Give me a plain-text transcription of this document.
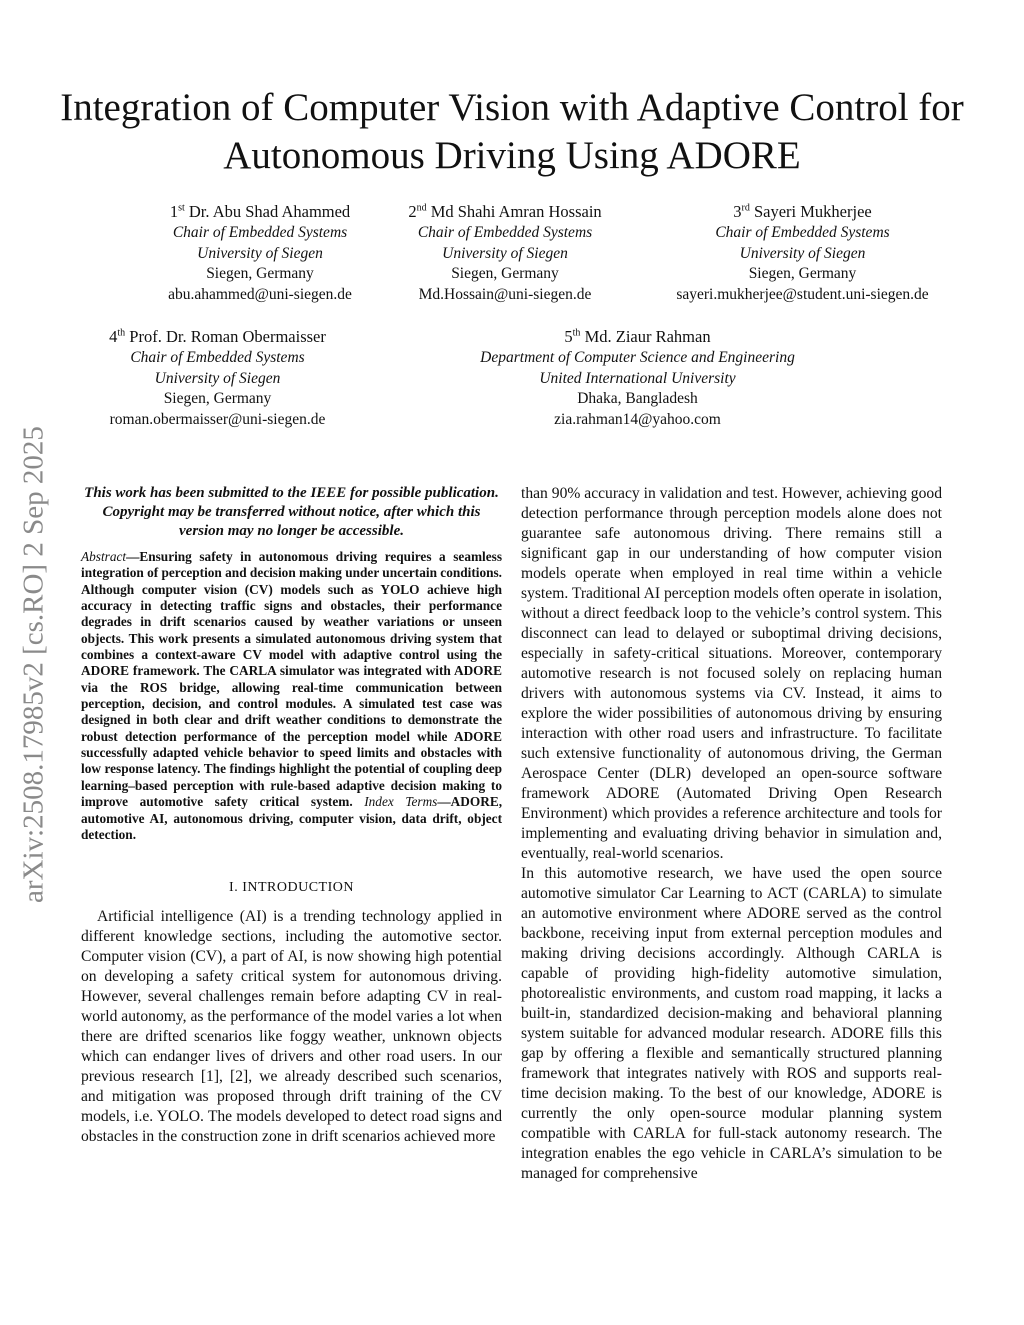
arXiv:2508.17985v2 [cs.RO] 2 Sep 2025
Integration of Computer Vision with Adaptive Control for Autonomous Driving Using ADORE
1st Dr. Abu Shad Ahammed
Chair of Embedded Systems
University of Siegen
Siegen, Germany
abu.ahammed@uni-siegen.de
2nd Md Shahi Amran Hossain
Chair of Embedded Systems
University of Siegen
Siegen, Germany
Md.Hossain@uni-siegen.de
3rd Sayeri Mukherjee
Chair of Embedded Systems
University of Siegen
Siegen, Germany
sayeri.mukherjee@student.uni-siegen.de
4th Prof. Dr. Roman Obermaisser
Chair of Embedded Systems
University of Siegen
Siegen, Germany
roman.obermaisser@uni-siegen.de
5th Md. Ziaur Rahman
Department of Computer Science and Engineering
United International University
Dhaka, Bangladesh
zia.rahman14@yahoo.com

This work has been submitted to the IEEE for possible publication. Copyright may be transferred without notice, after which this version may no longer be accessible.

Abstract—Ensuring safety in autonomous driving requires a seamless integration of perception and decision making under uncertain conditions. Although computer vision (CV) models such as YOLO achieve high accuracy in detecting traffic signs and obstacles, their performance degrades in drift scenarios caused by weather variations or unseen objects. This work presents a simulated autonomous driving system that combines a context-aware CV model with adaptive control using the ADORE framework. The CARLA simulator was integrated with ADORE via the ROS bridge, allowing real-time communication between perception, decision, and control modules. A simulated test case was designed in both clear and drift weather conditions to demonstrate the robust detection performance of the perception model while ADORE successfully adapted vehicle behavior to speed limits and obstacles with low response latency. The findings highlight the potential of coupling deep learning–based perception with rule-based adaptive decision making to improve automotive safety critical system. Index Terms—ADORE, automotive AI, autonomous driving, computer vision, data drift, object detection.

I. INTRODUCTION

Artificial intelligence (AI) is a trending technology applied in different knowledge sections, including the automotive sector. Computer vision (CV), a part of AI, is now showing high potential on developing a safety critical system for autonomous driving. However, several challenges remain before adapting CV in real-world autonomy, as the performance of the model varies a lot when there are drifted scenarios like foggy weather, unknown objects which can endanger lives of drivers and other road users. In our previous research [1], [2], we already described such scenarios, and mitigation was proposed through drift training of the CV models, i.e. YOLO. The models developed to detect road signs and obstacles in the construction zone in drift scenarios achieved more

than 90% accuracy in validation and test. However, achieving good detection performance through perception models alone does not guarantee safe autonomous driving. There remains still a significant gap in our understanding of how computer vision models operate when employed in real time within a vehicle system. Traditional AI perception models often operate in isolation, without a direct feedback loop to the vehicle’s control system. This disconnect can lead to delayed or suboptimal driving decisions, especially in safety-critical situations. Moreover, contemporary automotive research is not focused solely on replacing human drivers with autonomous systems via CV. Instead, it aims to explore the wider possibilities of autonomous driving by ensuring interaction with other road users and infrastructure. To facilitate such extensive functionality of autonomous driving, the German Aerospace Center (DLR) developed an open-source software framework ADORE (Automated Driving Open Research Environment) which provides a reference architecture and tools for implementing and evaluating driving behavior in simulation and, eventually, real-world scenarios.

In this automotive research, we have used the open source automotive simulator Car Learning to ACT (CARLA) to simulate an automotive environment where ADORE served as the control backbone, receiving input from external perception modules and making driving decisions accordingly. Although CARLA is capable of providing high-fidelity automotive simulation, photorealistic environments, and custom road mapping, it lacks a built-in, standardized decision-making and behavioral planning system suitable for advanced modular research. ADORE fills this gap by offering a flexible and semantically structured planning framework that integrates natively with ROS and supports real-time decision making. To the best of our knowledge, ADORE is currently the only open-source modular planning system compatible with CARLA for full-stack autonomy research. The integration enables the ego vehicle in CARLA’s simulation to be managed for comprehensive
